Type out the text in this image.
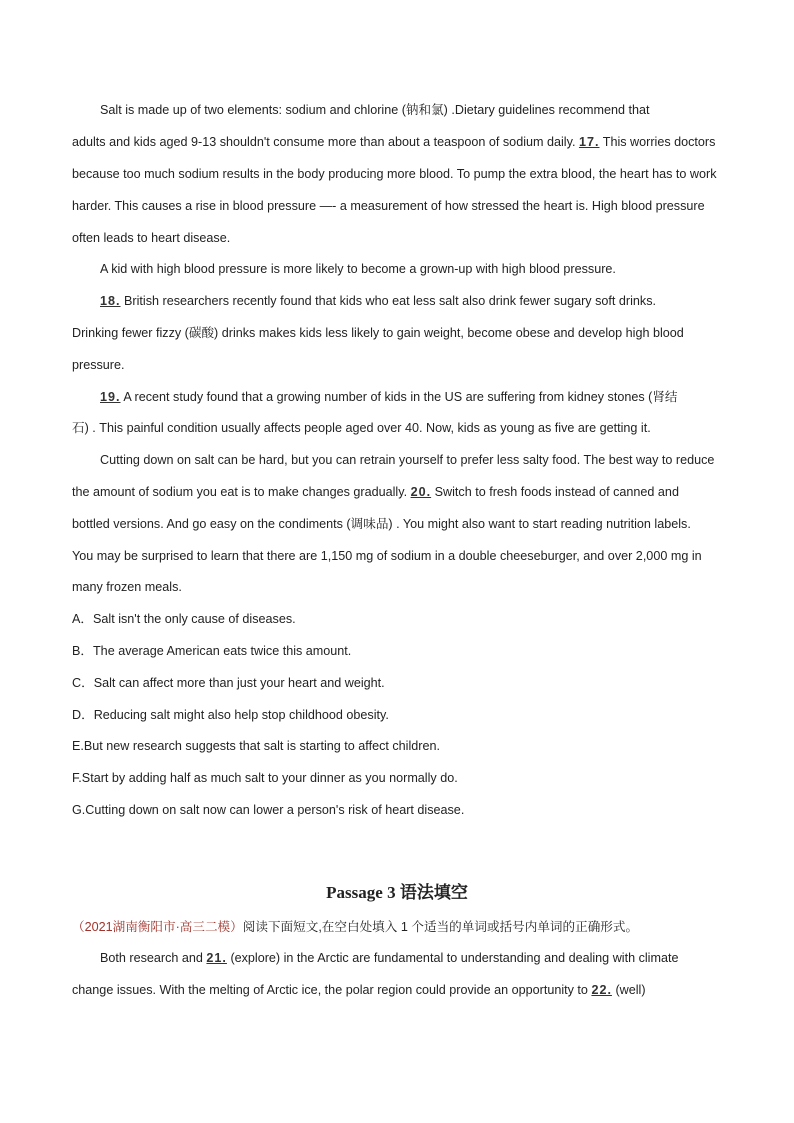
Salt is made up of two elements: sodium and chlorine (钠和氯) .Dietary guidelines recommend that
adults and kids aged 9-13 shouldn't consume more than about a teaspoon of sodium daily. 17. This worries doctors
because too much sodium results in the body producing more blood. To pump the extra blood, the heart has to work
harder. This causes a rise in blood pressure —- a measurement of how stressed the heart is. High blood pressure
often leads to heart disease.
A kid with high blood pressure is more likely to become a grown-up with high blood pressure.
18. British researchers recently found that kids who eat less salt also drink fewer sugary soft drinks.
Drinking fewer fizzy (碳酸) drinks makes kids less likely to gain weight, become obese and develop high blood
pressure.
19. A recent study found that a growing number of kids in the US are suffering from kidney stones (肾结
石) . This painful condition usually affects people aged over 40. Now, kids as young as five are getting it.
Cutting down on salt can be hard, but you can retrain yourself to prefer less salty food. The best way to reduce
the amount of sodium you eat is to make changes gradually. 20. Switch to fresh foods instead of canned and
bottled versions. And go easy on the condiments (调味品) . You might also want to start reading nutrition labels.
You may be surprised to learn that there are 1,150 mg of sodium in a double cheeseburger, and over 2,000 mg in
many frozen meals.
A．Salt isn't the only cause of diseases.
B．The average American eats twice this amount.
C．Salt can affect more than just your heart and weight.
D．Reducing salt might also help stop childhood obesity.
E.But new research suggests that salt is starting to affect children.
F.Start by adding half as much salt to your dinner as you normally do.
G.Cutting down on salt now can lower a person's risk of heart disease.
Passage 3 语法填空
（2021湖南衡阳市·高三二模）阅读下面短文,在空白处填入 1 个适当的单词或括号内单词的正确形式。
Both research and 21. (explore) in the Arctic are fundamental to understanding and dealing with climate
change issues. With the melting of Arctic ice, the polar region could provide an opportunity to 22. (well)
